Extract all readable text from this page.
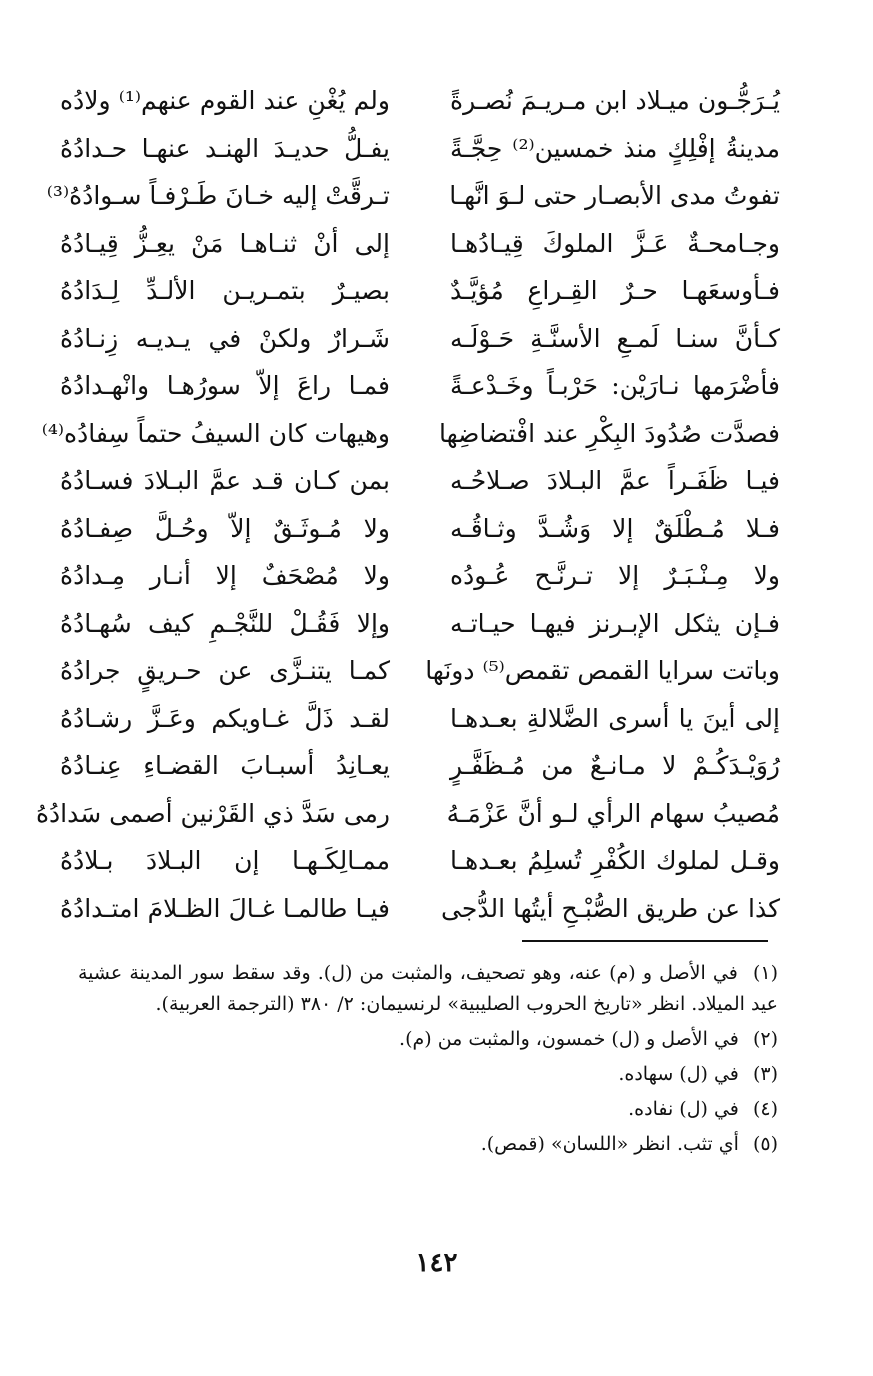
يُـرَجُّـون ميـلاد ابن مـريـمَ نُصـرةً
ولم يُغْنِ عند القوم عنهم⁽¹⁾ ولادُه
مدينةُ إفْلِكٍ منذ خمسين⁽²⁾ حِجَّـةً
يفـلُّ حديـدَ الهنـد عنهـا حـدادُهُ
تفوتُ مدى الأبصـار حتى لـوَ انَّهـا
تـرقَّتْ إليه خـانَ طَـرْفـاً سـوادُهُ⁽³⁾
وجـامحـةٌ عَـزَّ الملوكَ قِيـادُهـا
إلى أنْ ثنـاهـا مَنْ يعِـزُّ قِيـادُهُ
فـأوسعَهـا حـرٌ القِـراعِ مُؤيَّـدٌ
بصيـرٌ بتمـريـن الألـدِّ لِـدَادُهُ
كـأنَّ سنـا لَمـعِ الأسنَّـةِ حَـوْلَـه
شَـرارٌ ولكنْ في يـديـه زِنـادُهُ
فأضْرَمها نـارَيْن: حَرْبـاً وخَـدْعـةً
فمـا راعَ إلاّ سورُهـا وانْهـدادُهُ
فصدَّت صُدُودَ البِكْرِ عند افْتضاضِها
وهيهات كان السيفُ حتماً سِفادُه⁽⁴⁾
فيـا ظَفَـراً عمَّ البـلادَ صـلاحُـه
بمن كـان قـد عمَّ البـلادَ فسـادُهُ
فـلا مُـطْلَقٌ إلا وَشُـدَّ وثـاقُـه
ولا مُـوثَـقٌ إلاّ وحُـلَّ صِفـادُهُ
ولا مِـنْـبَـرٌ إلا تـرنَّـح عُـودُه
ولا مُصْحَفٌ إلا أنـار مِـدادُهُ
فـإن يثكل الإبـرنز فيهـا حيـاتـه
وإلا فَقُـلْ للنَّجْـمِ كيف سُهـادُهُ
وباتت سرايا القمص تقمص⁽⁵⁾ دونَها
كمـا يتنـزَّى عن حـريقٍ جرادُهُ
إلى أينَ يا أسرى الضَّلالةِ بعـدهـا
لقـد ذَلَّ غـاويكم وعَـزَّ رشـادُهُ
رُوَيْـدَكُـمْ لا مـانـعٌ من مُـظَفَّـرٍ
يعـانِدُ أسبـابَ القضـاءِ عِنـادُهُ
مُصيبُ سهام الرأي لـو أنَّ عَزْمَـهُ
رمى سَدَّ ذي القَرْنين أصمى سَدادُهُ
وقـل لملوك الكُفْرِ تُسلِمُ بعـدهـا
ممـالِكَـهـا إن البـلادَ بـلادُهُ
كذا عن طريق الصُّبْـحِ أيتُها الدُّجى
فيـا طالمـا غـالَ الظـلامَ امتـدادُهُ
(١) في الأصل و (م) عنه، وهو تصحيف، والمثبت من (ل). وقد سقط سور المدينة عشية عيد الميلاد. انظر «تاريخ الحروب الصليبية» لرنسيمان: ٢/ ٣٨٠ (الترجمة العربية).
(٢) في الأصل و (ل) خمسون، والمثبت من (م).
(٣) في (ل) سهاده.
(٤) في (ل) نفاده.
(٥) أي تثب. انظر «اللسان» (قمص).
١٤٢
